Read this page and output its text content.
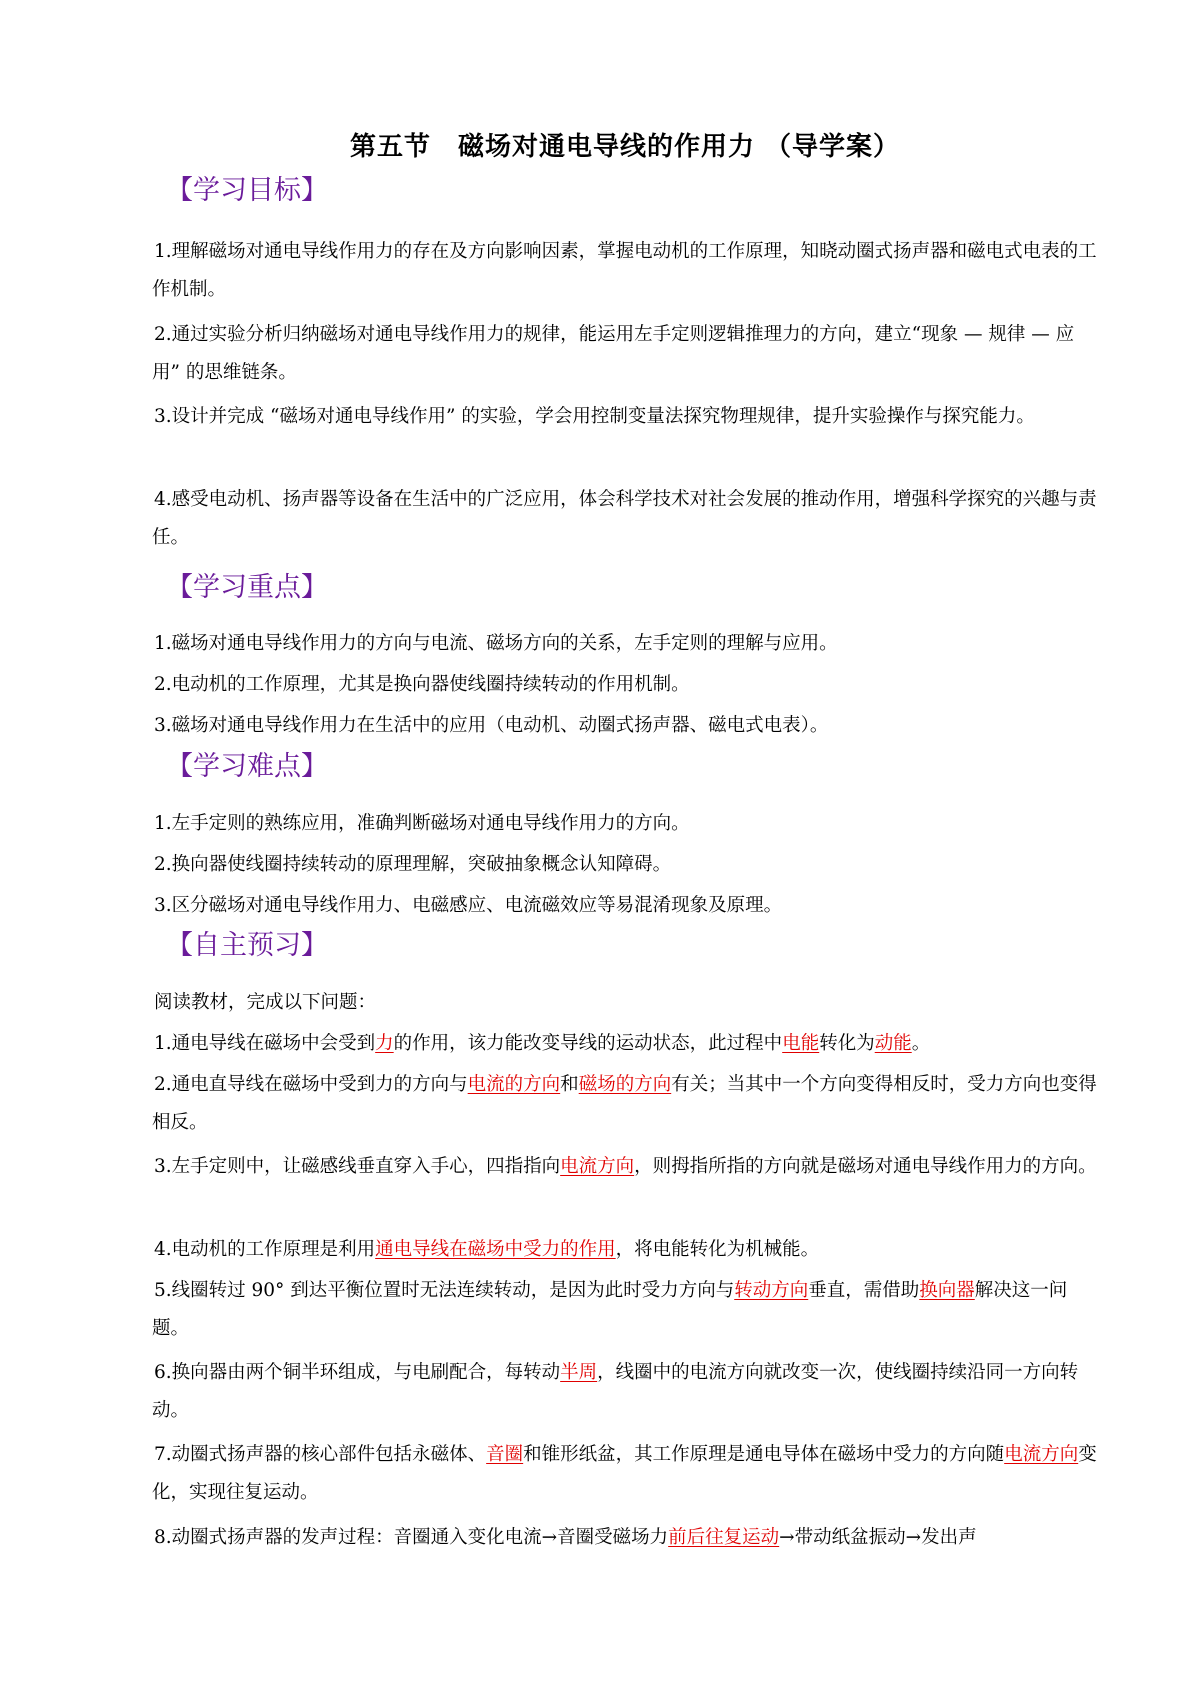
第五节　磁场对通电导线的作用力 （导学案）
【学习目标】
1.理解磁场对通电导线作用力的存在及方向影响因素，掌握电动机的工作原理，知晓动圈式扬声器和磁电式电表的工作机制。
2.通过实验分析归纳磁场对通电导线作用力的规律，能运用左手定则逻辑推理力的方向，建立“现象 — 规律 — 应用” 的思维链条。
3.设计并完成 “磁场对通电导线作用” 的实验，学会用控制变量法探究物理规律，提升实验操作与探究能力。
4.感受电动机、扬声器等设备在生活中的广泛应用，体会科学技术对社会发展的推动作用，增强科学探究的兴趣与责任。
【学习重点】
1.磁场对通电导线作用力的方向与电流、磁场方向的关系，左手定则的理解与应用。
2.电动机的工作原理，尤其是换向器使线圈持续转动的作用机制。
3.磁场对通电导线作用力在生活中的应用（电动机、动圈式扬声器、磁电式电表）。
【学习难点】
1.左手定则的熟练应用，准确判断磁场对通电导线作用力的方向。
2.换向器使线圈持续转动的原理理解，突破抽象概念认知障碍。
3.区分磁场对通电导线作用力、电磁感应、电流磁效应等易混淆现象及原理。
【自主预习】
阅读教材，完成以下问题：
1.通电导线在磁场中会受到力的作用，该力能改变导线的运动状态，此过程中电能转化为动能。
2.通电直导线在磁场中受到力的方向与电流的方向和磁场的方向有关；当其中一个方向变得相反时，受力方向也变得相反。
3.左手定则中，让磁感线垂直穿入手心，四指指向电流方向，则拇指所指的方向就是磁场对通电导线作用力的方向。
4.电动机的工作原理是利用通电导线在磁场中受力的作用，将电能转化为机械能。
5.线圈转过 90° 到达平衡位置时无法连续转动，是因为此时受力方向与转动方向垂直，需借助换向器解决这一问题。
6.换向器由两个铜半环组成，与电刷配合，每转动半周，线圈中的电流方向就改变一次，使线圈持续沿同一方向转动。
7.动圈式扬声器的核心部件包括永磁体、音圈和锥形纸盆，其工作原理是通电导体在磁场中受力的方向随电流方向变化，实现往复运动。
8.动圈式扬声器的发声过程：音圈通入变化电流→音圈受磁场力前后往复运动→带动纸盆振动→发出声
